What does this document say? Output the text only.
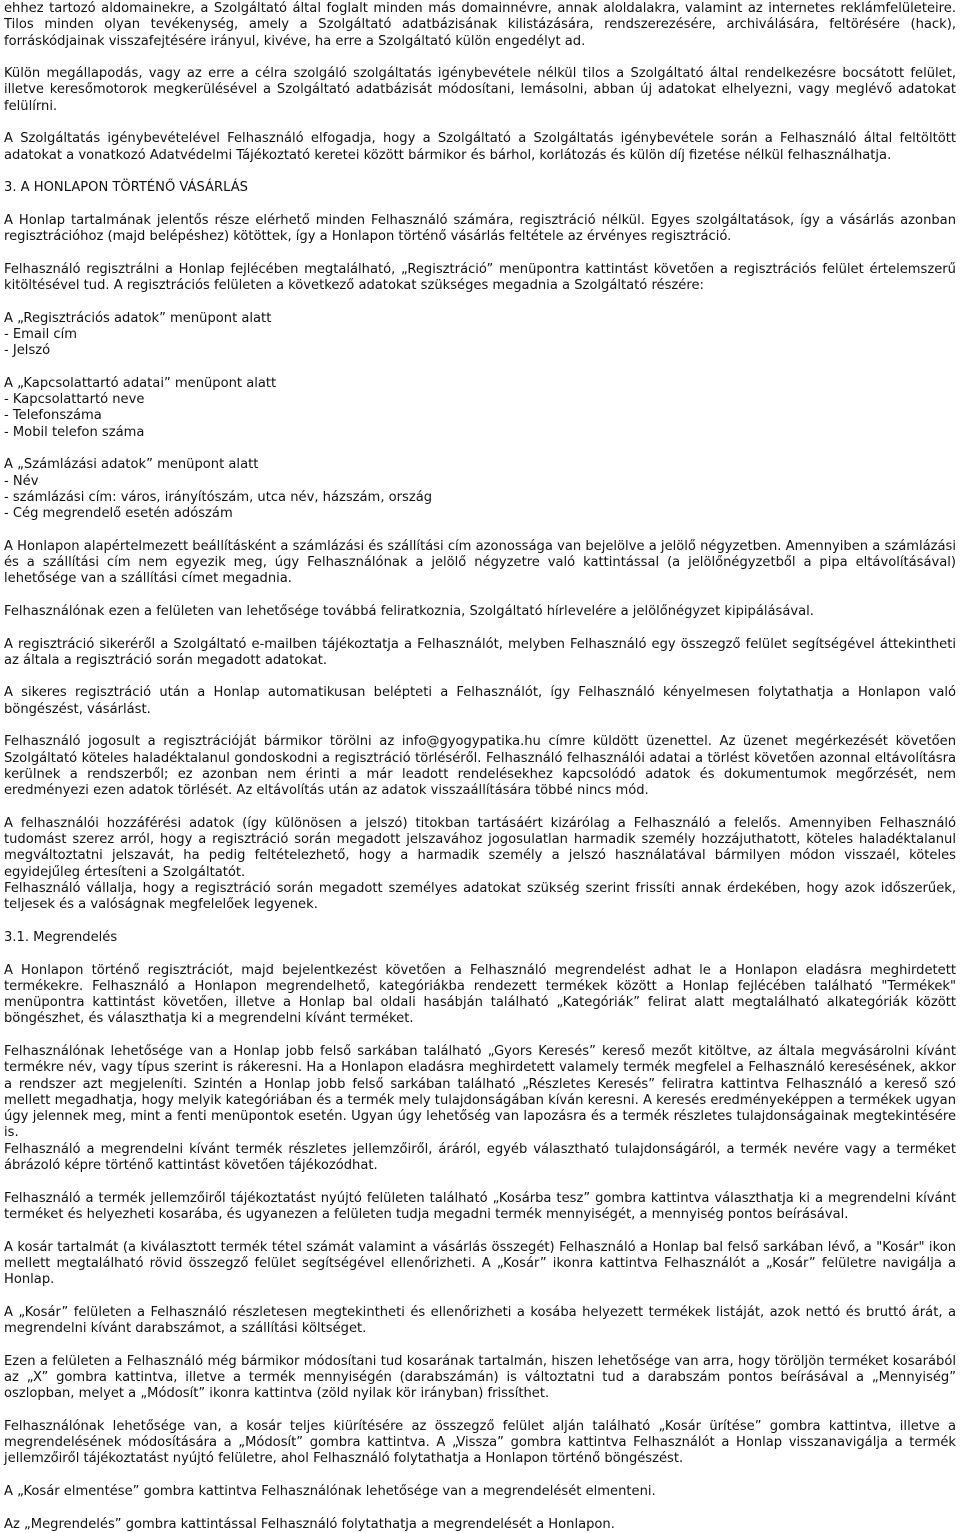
ehhez tartozó aldomainekre, a Szolgáltató által foglalt minden más domainnévre, annak aloldalakra, valamint az internetes reklámfelületeire. Tilos minden olyan tevékenység, amely a Szolgáltató adatbázisának kilistázására, rendszerezésére, archiválására, feltörésére (hack), forráskódjainak visszafejtésére irányul, kivéve, ha erre a Szolgáltató külön engedélyt ad.

Külön megállapodás, vagy az erre a célra szolgáló szolgáltatás igénybevétele nélkül tilos a Szolgáltató által rendelkezésre bocsátott felület, illetve keresőmotorok megkerülésével a Szolgáltató adatbázisát módosítani, lemásolni, abban új adatokat elhelyezni, vagy meglévő adatokat felülírni.

A Szolgáltatás igénybevételével Felhasználó elfogadja, hogy a Szolgáltató a Szolgáltatás igénybevétele során a Felhasználó által feltöltött adatokat a vonatkozó Adatvédelmi Tájékoztató keretei között bármikor és bárhol, korlátozás és külön díj fizetése nélkül felhasználhatja.

3. A HONLAPON TÖRTÉNŐ VÁSÁRLÁS

A Honlap tartalmának jelentős része elérhető minden Felhasználó számára, regisztráció nélkül. Egyes szolgáltatások, így a vásárlás azonban regisztrációhoz (majd belépéshez) kötöttek, így a Honlapon történő vásárlás feltétele az érvényes regisztráció.

Felhasználó regisztrálni a Honlap fejlécében megtalálható, „Regisztráció” menüpontra kattintást követően a regisztrációs felület értelemszerű kitöltésével tud. A regisztrációs felületen a következő adatokat szükséges megadnia a Szolgáltató részére:

A „Regisztrációs adatok” menüpont alatt
- Email cím
- Jelszó
A „Kapcsolattartó adatai” menüpont alatt
- Kapcsolattartó neve
- Telefonszáma
- Mobil telefon száma
A „Számlázási adatok” menüpont alatt
- Név
- számlázási cím: város, irányítószám, utca név, házszám, ország
- Cég megrendelő esetén adószám

A Honlapon alapértelmezett beállításként a számlázási és szállítási cím azonossága van bejelölve a jelölő négyzetben. Amennyiben a számlázási és a szállítási cím nem egyezik meg, úgy Felhasználónak a jelölő négyzetre való kattintással (a jelölőnégyzetből a pipa eltávolításával) lehetősége van a szállítási címet megadnia.

Felhasználónak ezen a felületen van lehetősége továbbá feliratkoznia, Szolgáltató hírlevelére a jelölőnégyzet kipipálásával.

A regisztráció sikeréről a Szolgáltató e-mailben tájékoztatja a Felhasználót, melyben Felhasználó egy összegző felület segítségével áttekintheti az általa a regisztráció során megadott adatokat.

A sikeres regisztráció után a Honlap automatikusan belépteti a Felhasználót, így Felhasználó kényelmesen folytathatja a Honlapon való böngészést, vásárlást.

Felhasználó jogosult a regisztrációját bármikor törölni az info@gyogypatika.hu címre küldött üzenettel. Az üzenet megérkezését követően Szolgáltató köteles haladéktalanul gondoskodni a regisztráció törléséről. Felhasználó felhasználói adatai a törlést követően azonnal eltávolításra kerülnek a rendszerből; ez azonban nem érinti a már leadott rendelésekhez kapcsolódó adatok és dokumentumok megőrzését, nem eredményezi ezen adatok törlését. Az eltávolítás után az adatok visszaállítására többé nincs mód.

A felhasználói hozzáférési adatok (így különösen a jelszó) titokban tartásáért kizárólag a Felhasználó a felelős. Amennyiben Felhasználó tudomást szerez arról, hogy a regisztráció során megadott jelszavához jogosulatlan harmadik személy hozzájuthatott, köteles haladéktalanul megváltoztatni jelszavát, ha pedig feltételezhető, hogy a harmadik személy a jelszó használatával bármilyen módon visszaél, köteles egyidejűleg értesíteni a Szolgáltatót.

Felhasználó vállalja, hogy a regisztráció során megadott személyes adatokat szükség szerint frissíti annak érdekében, hogy azok időszerűek, teljesek és a valóságnak megfelelőek legyenek.

3.1. Megrendelés

A Honlapon történő regisztrációt, majd bejelentkezést követően a Felhasználó megrendelést adhat le a Honlapon eladásra meghirdetett termékekre. Felhasználó a Honlapon megrendelhető, kategóriákba rendezett termékek között a Honlap fejlécében található "Termékek" menüpontra kattintást követően, illetve a Honlap bal oldali hasábján található „Kategóriák” felirat alatt megtalálható alkategóriák között böngészhet, és választhatja ki a megrendelni kívánt terméket.

Felhasználónak lehetősége van a Honlap jobb felső sarkában található „Gyors Keresés” kereső mezőt kitöltve, az általa megvásárolni kívánt termékre név, vagy típus szerint is rákeresni. Ha a Honlapon eladásra meghirdetett valamely termék megfelel a Felhasználó keresésének, akkor a rendszer azt megjeleníti. Szintén a Honlap jobb felső sarkában található „Részletes Keresés” feliratra kattintva Felhasználó a kereső szó mellett megadhatja, hogy melyik kategóriában és a termék mely tulajdonságában kíván keresni. A keresés eredményeképpen a termékek ugyan úgy jelennek meg, mint a fenti menüpontok esetén. Ugyan úgy lehetőség van lapozásra és a termék részletes tulajdonságainak megtekintésére is.

Felhasználó a megrendelni kívánt termék részletes jellemzőiről, áráról, egyéb választható tulajdonságáról, a termék nevére vagy a terméket ábrázoló képre történő kattintást követően tájékozódhat.

Felhasználó a termék jellemzőiről tájékoztatást nyújtó felületen található „Kosárba tesz” gombra kattintva választhatja ki a megrendelni kívánt terméket és helyezheti kosarába, és ugyanezen a felületen tudja megadni termék mennyiségét, a mennyiség pontos beírásával.

A kosár tartalmát (a kiválasztott termék tétel számát valamint a vásárlás összegét) Felhasználó a Honlap bal felső sarkában lévő, a "Kosár" ikon mellett megtalálható rövid összegző felület segítségével ellenőrizheti. A „Kosár” ikonra kattintva Felhasználót a „Kosár” felületre navigálja a Honlap.

A „Kosár” felületen a Felhasználó részletesen megtekintheti és ellenőrizheti a kosába helyezett termékek listáját, azok nettó és bruttó árát, a megrendelni kívánt darabszámot, a szállítási költséget.

Ezen a felületen a Felhasználó még bármikor módosítani tud kosarának tartalmán, hiszen lehetősége van arra, hogy töröljön terméket kosarából az „X” gombra kattintva, illetve a termék mennyiségén (darabszámán) is változtatni tud a darabszám pontos beírásával a „Mennyiség” oszlopban, melyet a „Módosít” ikonra kattintva (zöld nyilak kör irányban) frissíthet.

Felhasználónak lehetősége van, a kosár teljes kiürítésére az összegző felület alján található „Kosár ürítése” gombra kattintva, illetve a megrendelésének módosítására a „Módosít” gombra kattintva. A „Vissza” gombra kattintva Felhasználót a Honlap visszanavigálja a termék jellemzőiről tájékoztatást nyújtó felületre, ahol Felhasználó folytathatja a Honlapon történő böngészést.

A „Kosár elmentése” gombra kattintva Felhasználónak lehetősége van a megrendelését elmenteni.

Az „Megrendelés” gombra kattintással Felhasználó folytathatja a megrendelését a Honlapon.
